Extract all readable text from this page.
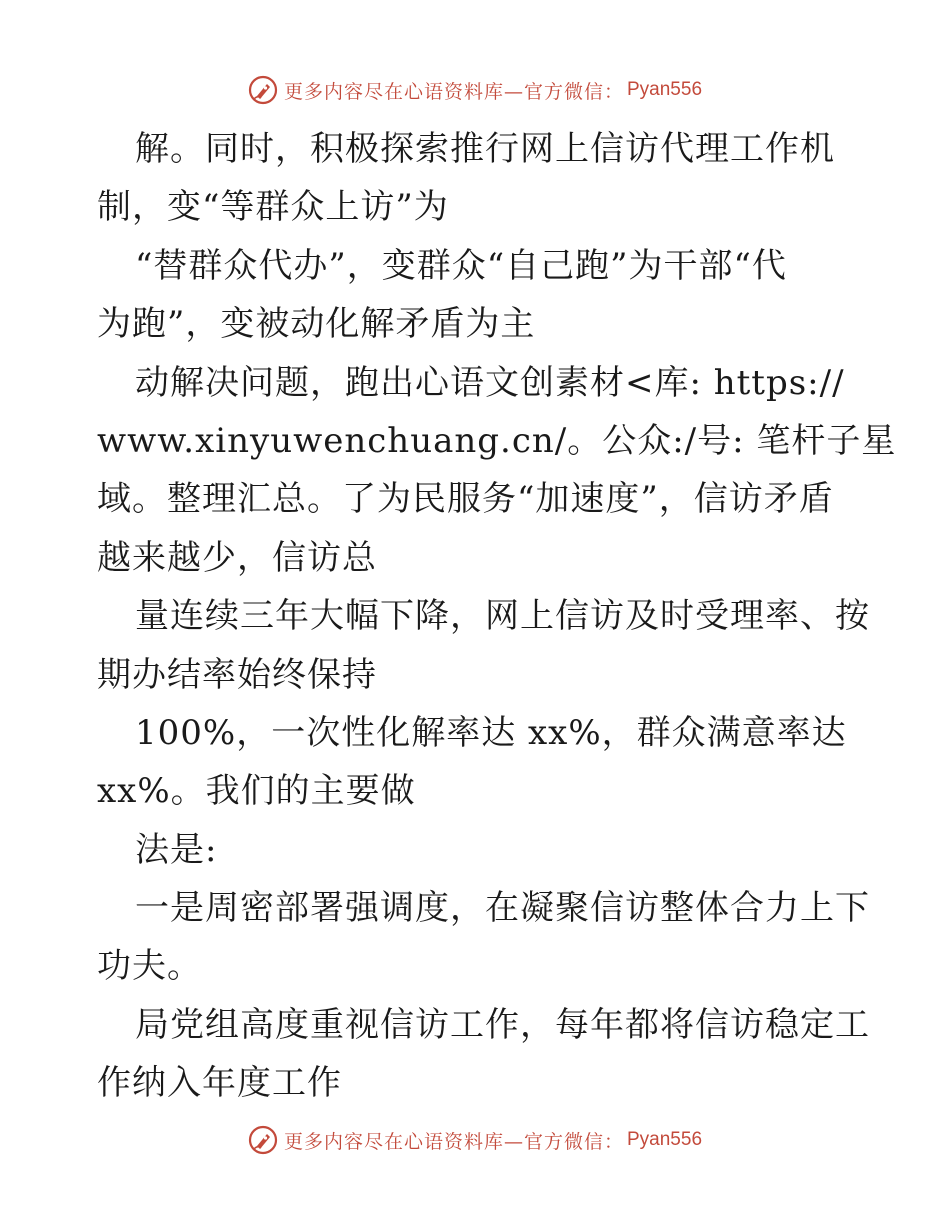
更多内容尽在心语资料库—官方微信： Pyan556
解。同时，积极探索推行网上信访代理工作机
制，变“等群众上访”为
“替群众代办”，变群众“自己跑”为干部“代
为跑”，变被动化解矛盾为主
动解决问题，跑出心语文创素材<库: https://
www.xinyuwenchuang.cn/。公众:/号: 笔杆子星
域。整理汇总。了为民服务“加速度”，信访矛盾
越来越少，信访总
量连续三年大幅下降，网上信访及时受理率、按
期办结率始终保持
100%，一次性化解率达 xx%，群众满意率达
xx%。我们的主要做
法是:
一是周密部署强调度，在凝聚信访整体合力上下
功夫。
局党组高度重视信访工作，每年都将信访稳定工
作纳入年度工作
更多内容尽在心语资料库—官方微信： Pyan556
